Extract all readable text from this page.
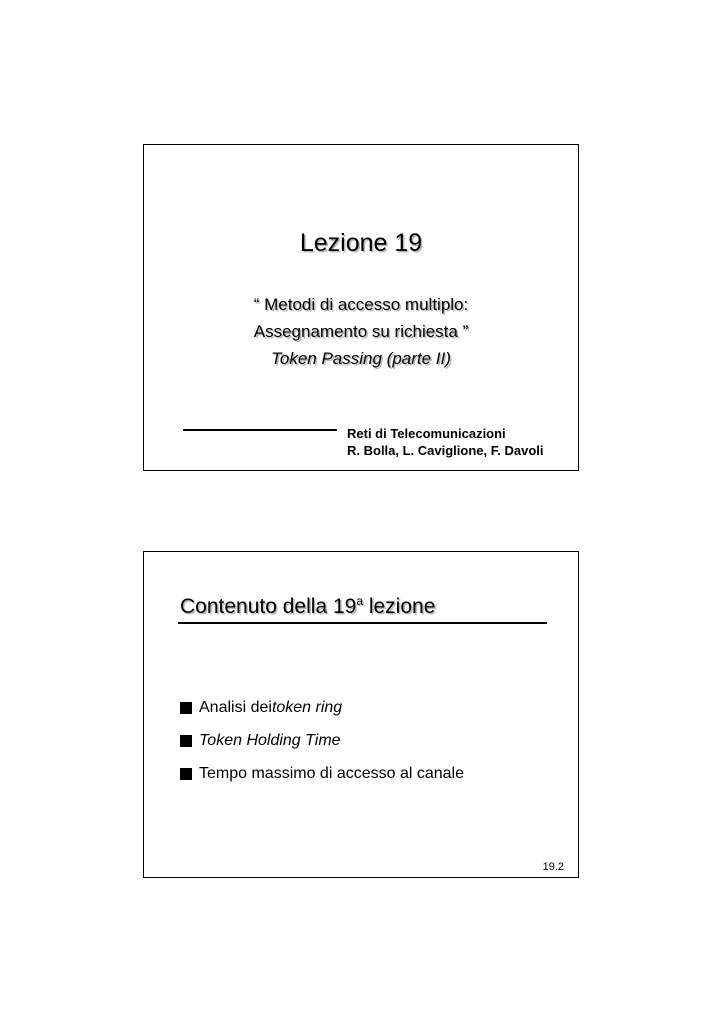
Lezione 19
“ Metodi di accesso multiplo:
Assegnamento su richiesta ”
Token Passing (parte II)
Reti di Telecomunicazioni
R. Bolla, L. Caviglione, F. Davoli
Contenuto della 19$^a$ lezione
Analisi dei token ring
Token Holding Time
Tempo massimo di accesso al canale
19.2
